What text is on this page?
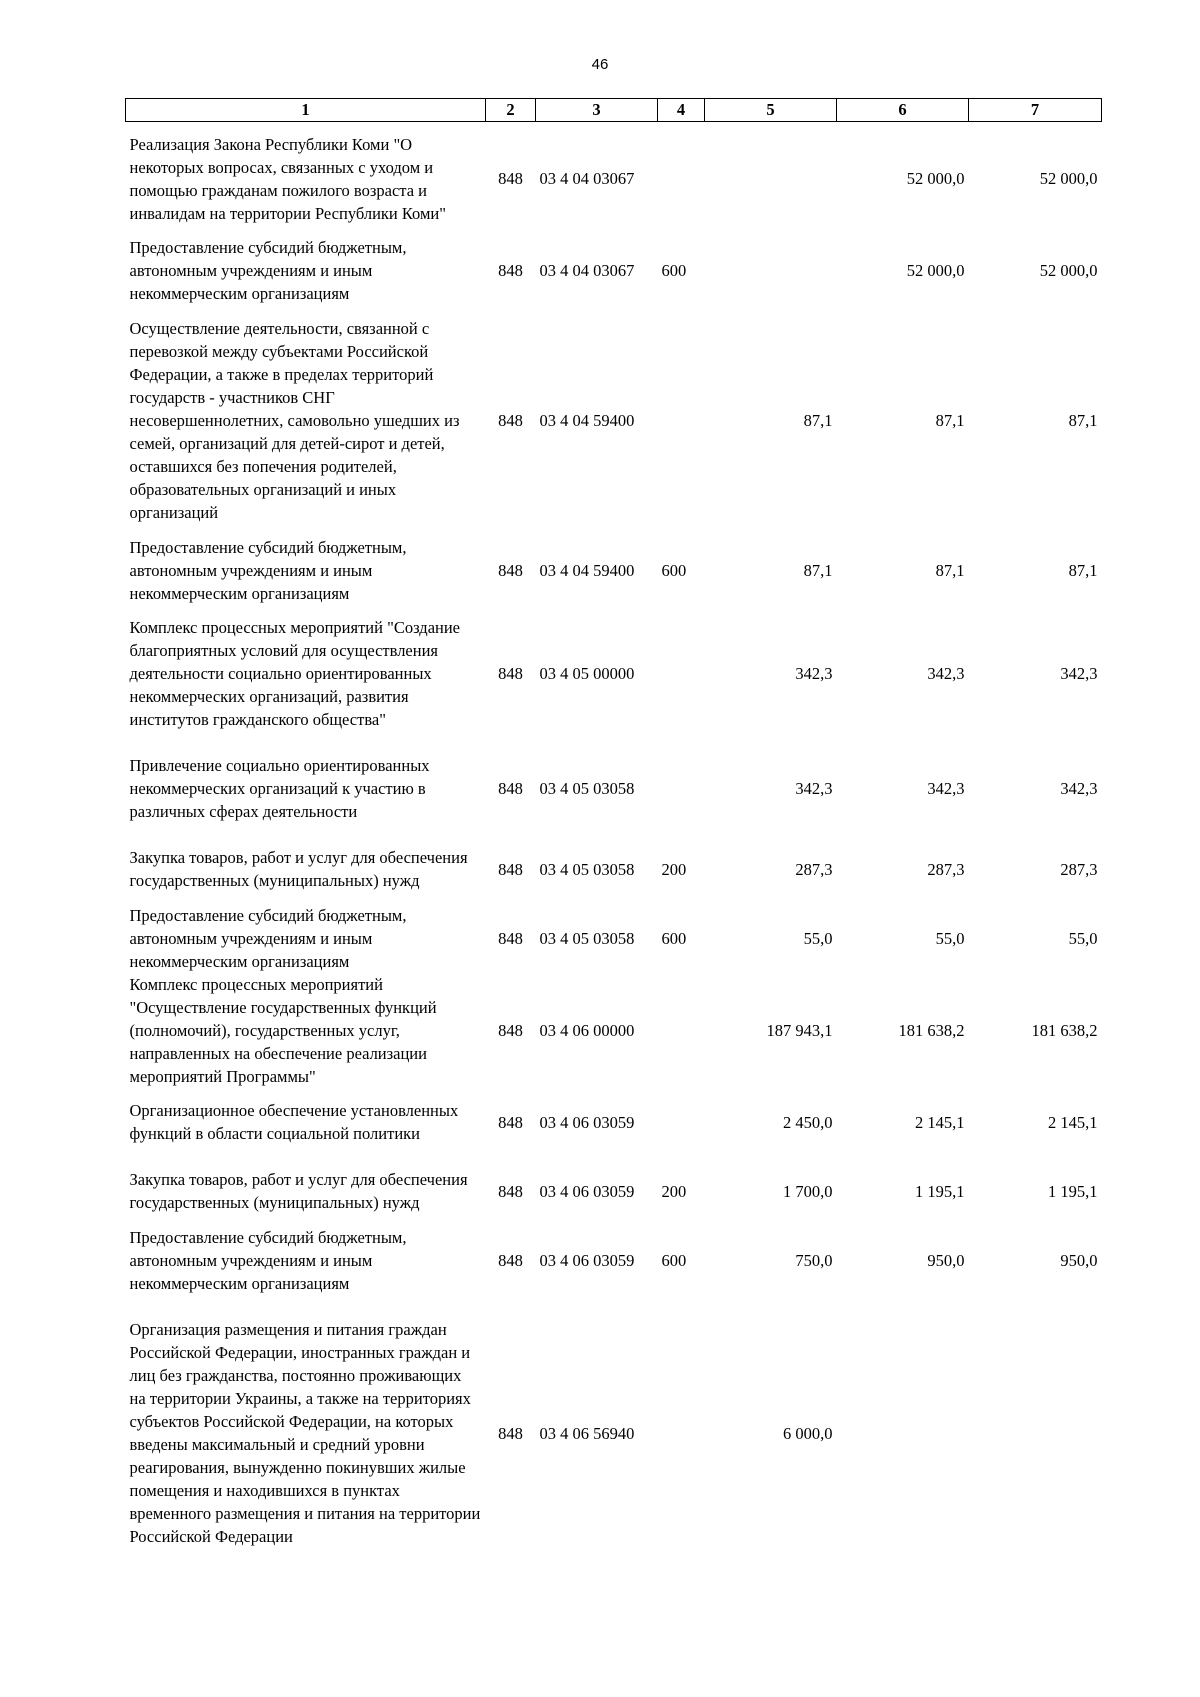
46
1	2	3	4	5	6	7
Реализация Закона Республики Коми "О некоторых вопросах, связанных с уходом и помощью гражданам пожилого возраста и инвалидам на территории Республики Коми"	848	03 4 04 03067			52 000,0	52 000,0
Предоставление субсидий бюджетным, автономным учреждениям и иным некоммерческим организациям	848	03 4 04 03067	600		52 000,0	52 000,0
Осуществление деятельности, связанной с перевозкой между субъектами Российской Федерации, а также в пределах территорий государств - участников СНГ несовершеннолетних, самовольно ушедших из семей, организаций для детей-сирот и детей, оставшихся без попечения родителей, образовательных организаций и иных организаций	848	03 4 04 59400		87,1	87,1	87,1
Предоставление субсидий бюджетным, автономным учреждениям и иным некоммерческим организациям	848	03 4 04 59400	600	87,1	87,1	87,1
Комплекс процессных мероприятий "Создание благоприятных условий для осуществления деятельности социально ориентированных некоммерческих организаций, развития институтов гражданского общества"	848	03 4 05 00000		342,3	342,3	342,3
Привлечение социально ориентированных некоммерческих организаций к участию в различных сферах деятельности	848	03 4 05 03058		342,3	342,3	342,3
Закупка товаров, работ и услуг для обеспечения государственных (муниципальных) нужд	848	03 4 05 03058	200	287,3	287,3	287,3
Предоставление субсидий бюджетным, автономным учреждениям и иным некоммерческим организациям	848	03 4 05 03058	600	55,0	55,0	55,0
Комплекс процессных мероприятий "Осуществление государственных функций (полномочий), государственных услуг, направленных на обеспечение реализации мероприятий Программы"	848	03 4 06 00000		187 943,1	181 638,2	181 638,2
Организационное обеспечение установленных функций в области социальной политики	848	03 4 06 03059		2 450,0	2 145,1	2 145,1
Закупка товаров, работ и услуг для обеспечения государственных (муниципальных) нужд	848	03 4 06 03059	200	1 700,0	1 195,1	1 195,1
Предоставление субсидий бюджетным, автономным учреждениям и иным некоммерческим организациям	848	03 4 06 03059	600	750,0	950,0	950,0
Организация размещения и питания граждан Российской Федерации, иностранных граждан и лиц без гражданства, постоянно проживающих на территории Украины, а также на территориях субъектов Российской Федерации, на которых введены максимальный и средний уровни реагирования, вынужденно покинувших жилые помещения и находившихся в пунктах временного размещения и питания на территории Российской Федерации	848	03 4 06 56940		6 000,0		
